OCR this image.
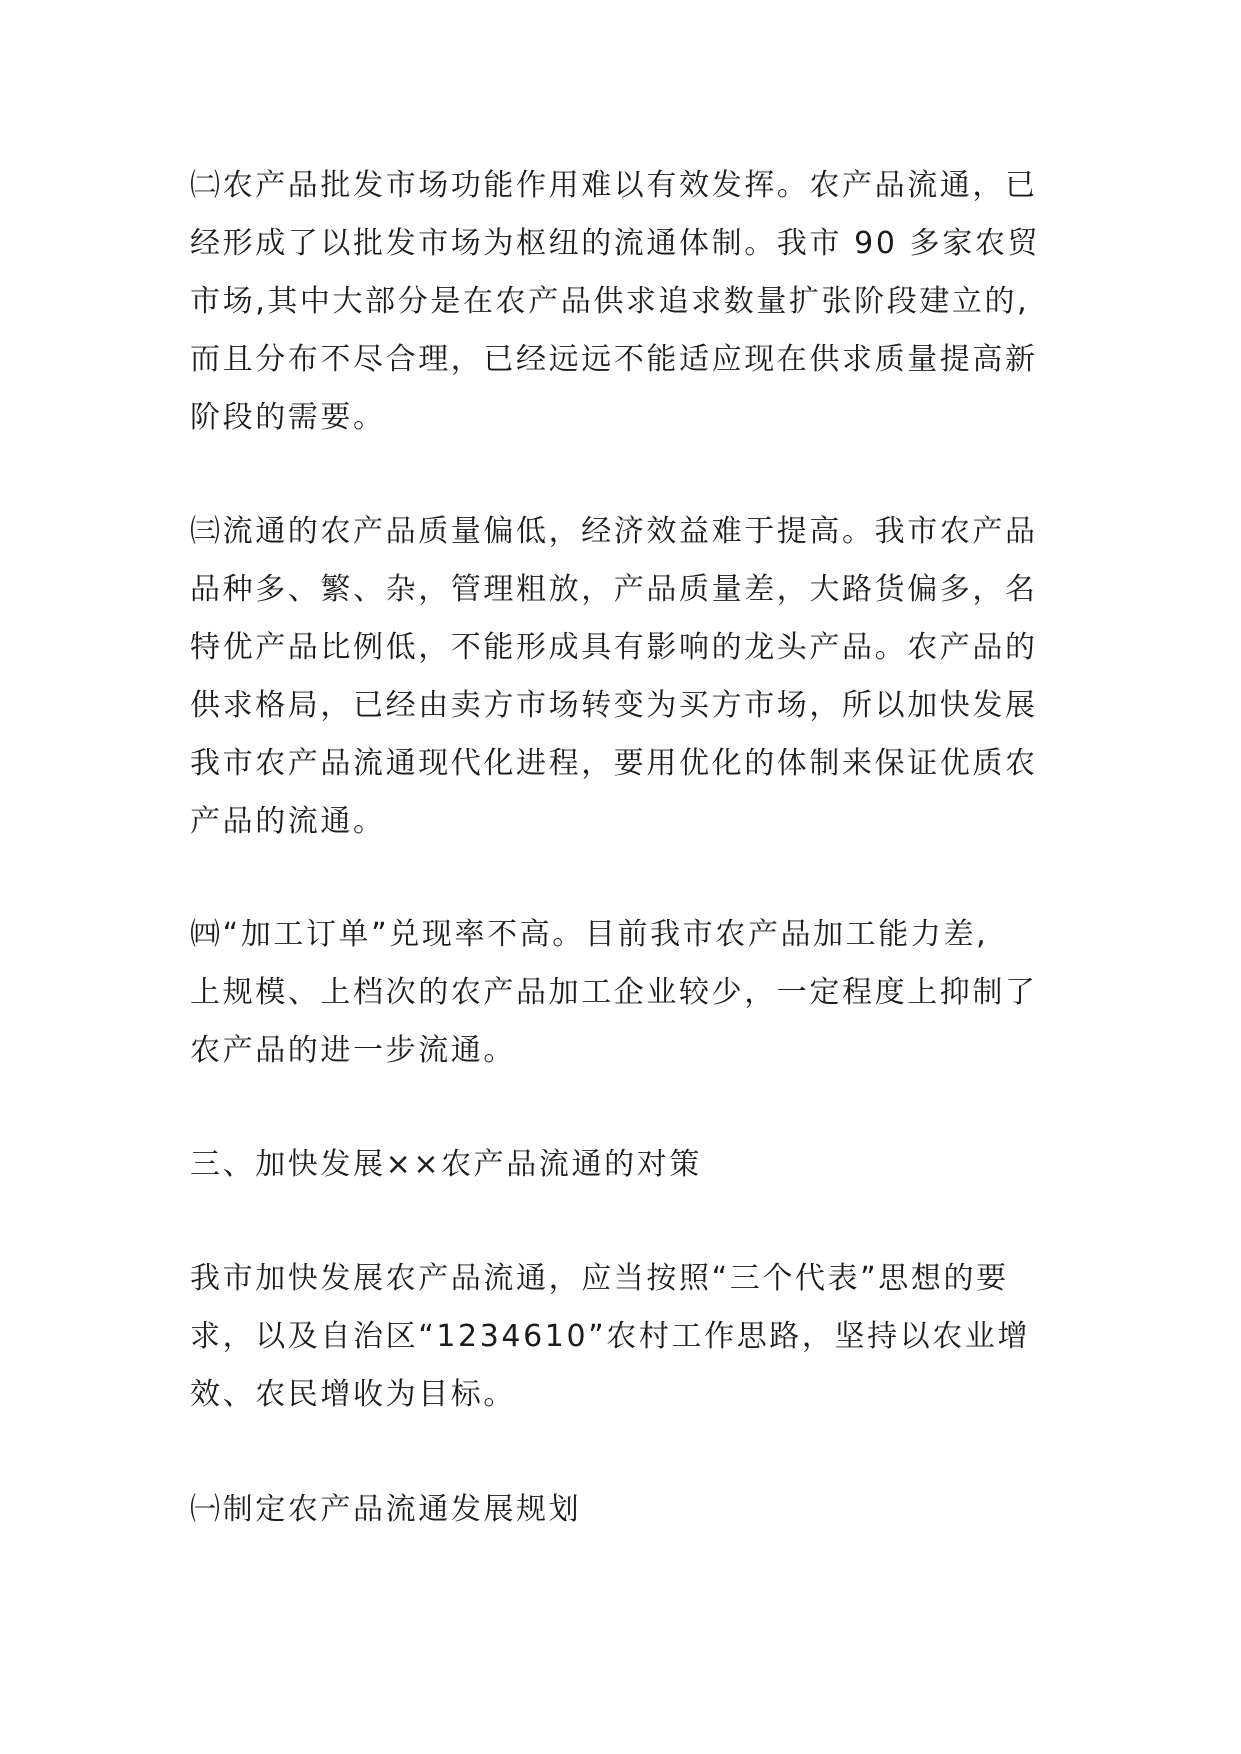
㈡农产品批发市场功能作用难以有效发挥。农产品流通，已
经形成了以批发市场为枢纽的流通体制。我市 90 多家农贸
市场,其中大部分是在农产品供求追求数量扩张阶段建立的,
而且分布不尽合理，已经远远不能适应现在供求质量提高新
阶段的需要。
㈢流通的农产品质量偏低，经济效益难于提高。我市农产品
品种多、繁、杂，管理粗放，产品质量差，大路货偏多，名
特优产品比例低，不能形成具有影响的龙头产品。农产品的
供求格局，已经由卖方市场转变为买方市场，所以加快发展
我市农产品流通现代化进程，要用优化的体制来保证优质农
产品的流通。
㈣“加工订单”兑现率不高。目前我市农产品加工能力差,
上规模、上档次的农产品加工企业较少，一定程度上抑制了
农产品的进一步流通。
三、加快发展××农产品流通的对策
我市加快发展农产品流通，应当按照“三个代表”思想的要
求，以及自治区“1234610”农村工作思路，坚持以农业增
效、农民增收为目标。
㈠制定农产品流通发展规划
